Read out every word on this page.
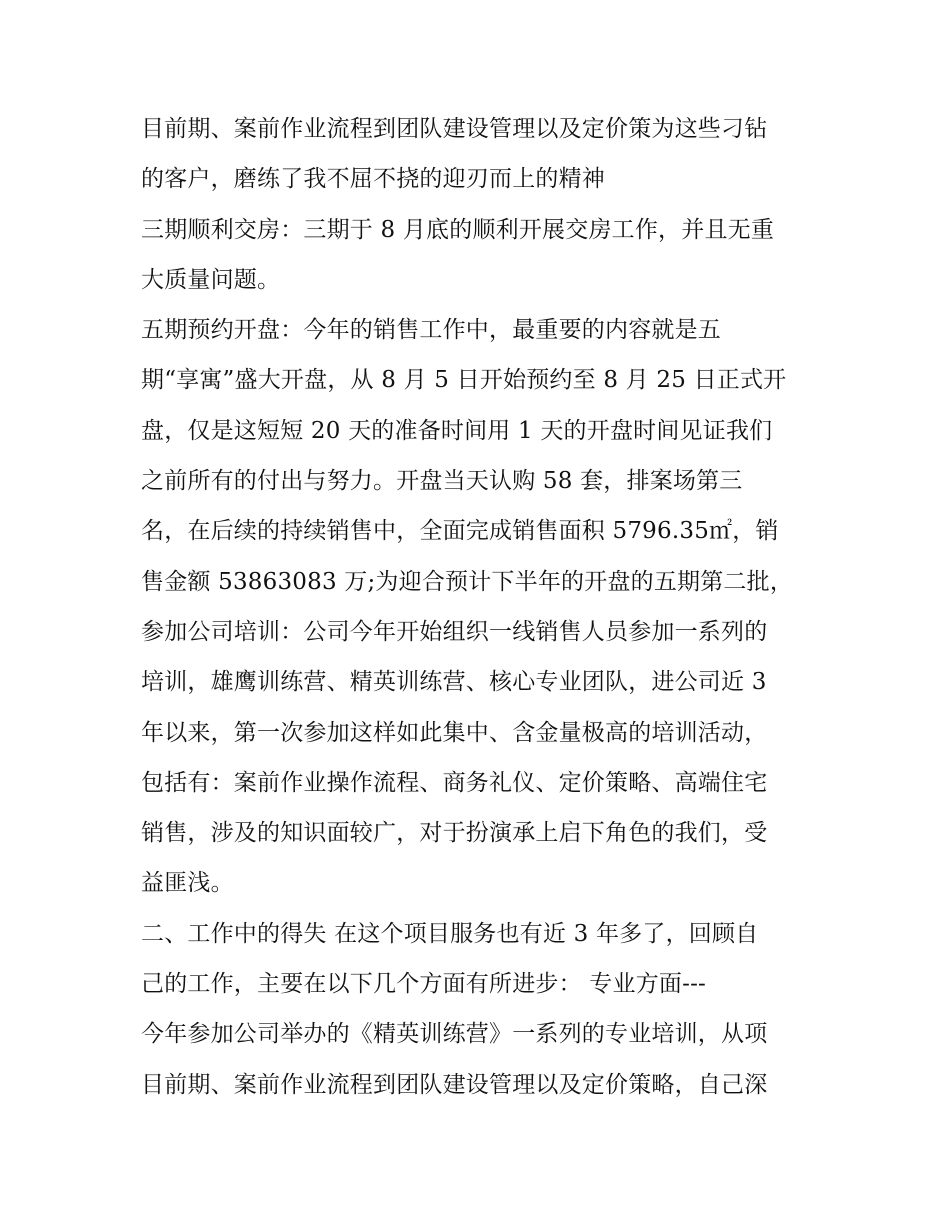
目前期、案前作业流程到团队建设管理以及定价策为这些刁钻
的客户，磨练了我不屈不挠的迎刃而上的精神
三期顺利交房：三期于 8 月底的顺利开展交房工作，并且无重
大质量问题。
五期预约开盘：今年的销售工作中，最重要的内容就是五
期“享寓”盛大开盘，从 8 月 5 日开始预约至 8 月 25 日正式开
盘，仅是这短短 20 天的准备时间用 1 天的开盘时间见证我们
之前所有的付出与努力。开盘当天认购 58 套，排案场第三
名，在后续的持续销售中，全面完成销售面积 5796.35㎡，销
售金额 53863083 万;为迎合预计下半年的开盘的五期第二批，
参加公司培训：公司今年开始组织一线销售人员参加一系列的
培训，雄鹰训练营、精英训练营、核心专业团队，进公司近 3
年以来，第一次参加这样如此集中、含金量极高的培训活动，
包括有：案前作业操作流程、商务礼仪、定价策略、高端住宅
销售，涉及的知识面较广，对于扮演承上启下角色的我们，受
益匪浅。
二、工作中的得失 在这个项目服务也有近 3 年多了，回顾自
己的工作，主要在以下几个方面有所进步： 专业方面---
今年参加公司举办的《精英训练营》一系列的专业培训，从项
目前期、案前作业流程到团队建设管理以及定价策略，自己深
